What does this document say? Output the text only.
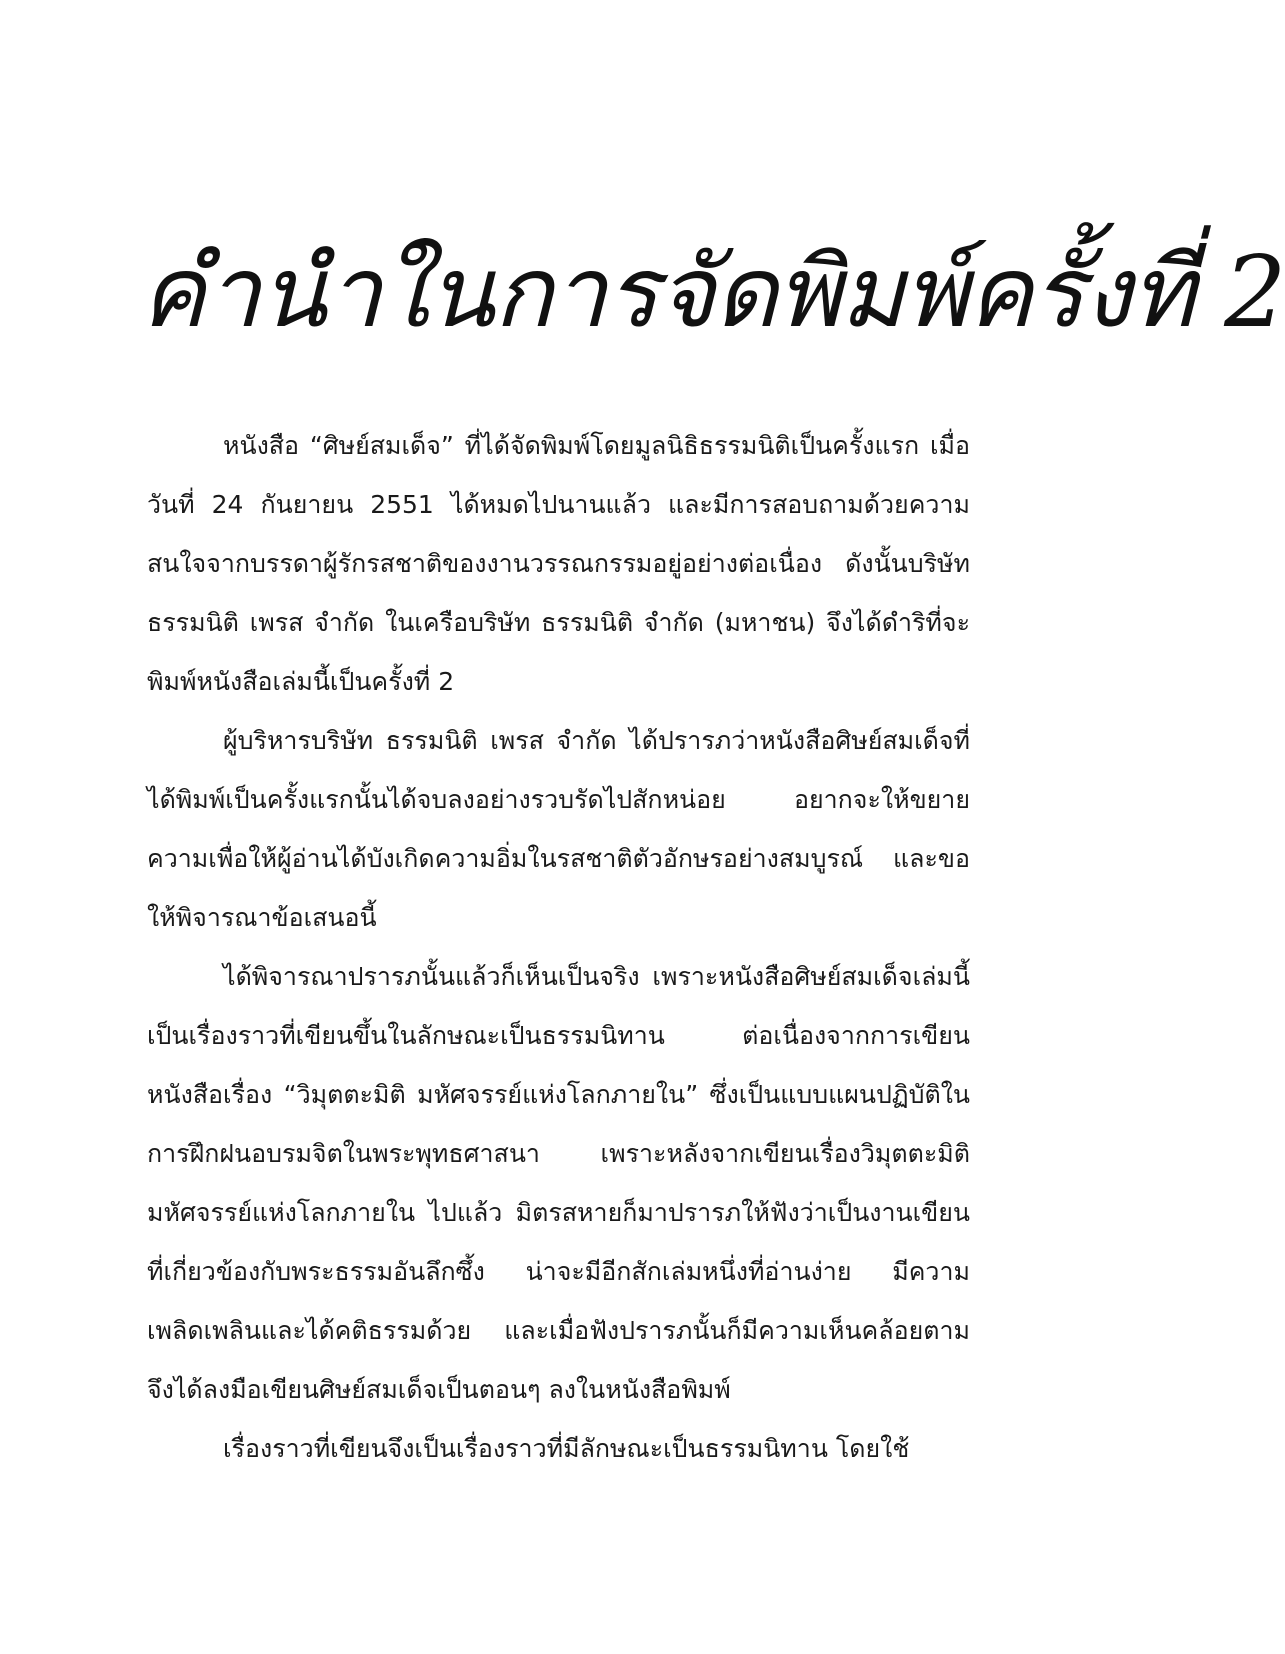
คำนำในการจัดพิมพ์ครั้งที่ 2

หนังสือ “ศิษย์สมเด็จ” ที่ได้จัดพิมพ์โดยมูลนิธิธรรมนิติเป็นครั้งแรก เมื่อวันที่ 24 กันยายน 2551 ได้หมดไปนานแล้ว และมีการสอบถามด้วยความสนใจจากบรรดาผู้รักรสชาติของงานวรรณกรรมอยู่อย่างต่อเนื่อง ดังนั้นบริษัท ธรรมนิติ เพรส จำกัด ในเครือบริษัท ธรรมนิติ จำกัด (มหาชน) จึงได้ดำริที่จะพิมพ์หนังสือเล่มนี้เป็นครั้งที่ 2

ผู้บริหารบริษัท ธรรมนิติ เพรส จำกัด ได้ปรารภว่าหนังสือศิษย์สมเด็จที่ได้พิมพ์เป็นครั้งแรกนั้นได้จบลงอย่างรวบรัดไปสักหน่อย อยากจะให้ขยายความเพื่อให้ผู้อ่านได้บังเกิดความอิ่มในรสชาติตัวอักษรอย่างสมบูรณ์ และขอให้พิจารณาข้อเสนอนี้

ได้พิจารณาปรารภนั้นแล้วก็เห็นเป็นจริง เพราะหนังสือศิษย์สมเด็จเล่มนี้เป็นเรื่องราวที่เขียนขึ้นในลักษณะเป็นธรรมนิทาน ต่อเนื่องจากการเขียนหนังสือเรื่อง “วิมุตตะมิติ มหัศจรรย์แห่งโลกภายใน” ซึ่งเป็นแบบแผนปฏิบัติในการฝึกฝนอบรมจิตในพระพุทธศาสนา เพราะหลังจากเขียนเรื่องวิมุตตะมิติ มหัศจรรย์แห่งโลกภายใน ไปแล้ว มิตรสหายก็มาปรารภให้ฟังว่าเป็นงานเขียนที่เกี่ยวข้องกับพระธรรมอันลึกซึ้ง น่าจะมีอีกสักเล่มหนึ่งที่อ่านง่าย มีความเพลิดเพลินและได้คติธรรมด้วย และเมื่อฟังปรารภนั้นก็มีความเห็นคล้อยตามจึงได้ลงมือเขียนศิษย์สมเด็จเป็นตอนๆ ลงในหนังสือพิมพ์

เรื่องราวที่เขียนจึงเป็นเรื่องราวที่มีลักษณะเป็นธรรมนิทาน โดยใช้
